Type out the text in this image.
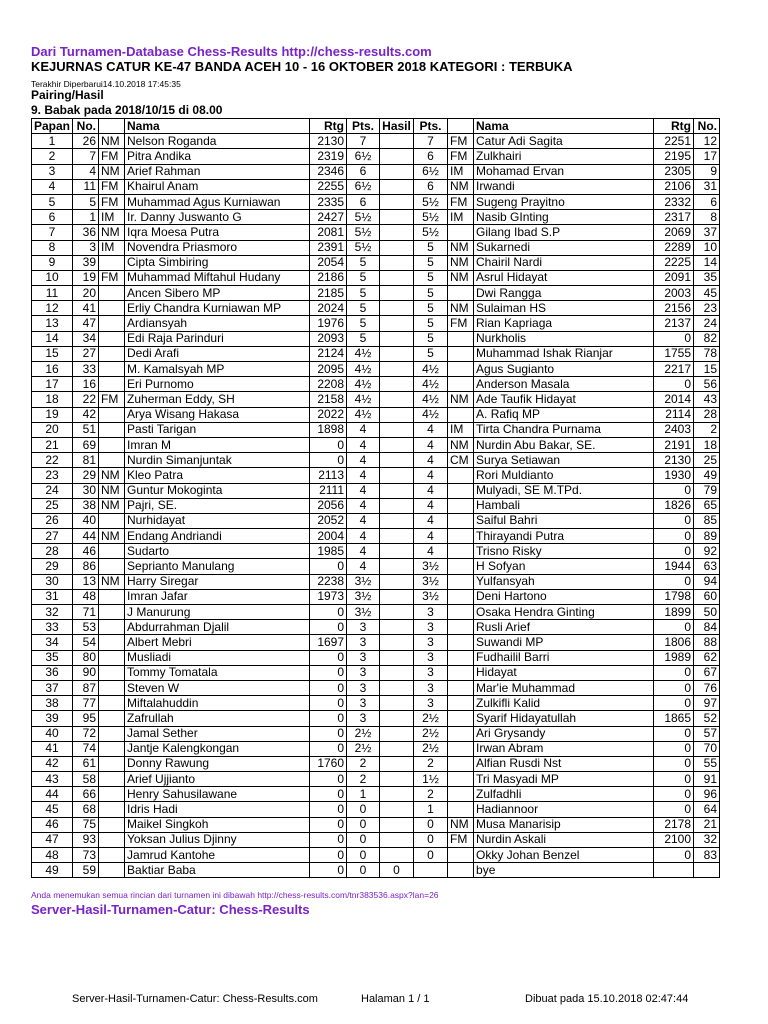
Dari Turnamen-Database Chess-Results http://chess-results.com
KEJURNAS CATUR KE-47 BANDA ACEH 10 - 16 OKTOBER 2018 KATEGORI : TERBUKA
Terakhir Diperbarui14.10.2018 17:45:35
Pairing/Hasil
9. Babak pada 2018/10/15 di 08.00
Papan	No.		Nama	Rtg	Pts.	Hasil	Pts.		Nama	Rtg	No.
1	26	NM	Nelson Roganda	2130	7		7	FM	Catur Adi Sagita	2251	12
2	7	FM	Pitra Andika	2319	6½		6	FM	Zulkhairi	2195	17
3	4	NM	Arief Rahman	2346	6		6½	IM	Mohamad Ervan	2305	9
4	11	FM	Khairul Anam	2255	6½		6	NM	Irwandi	2106	31
5	5	FM	Muhammad Agus Kurniawan	2335	6		5½	FM	Sugeng Prayitno	2332	6
6	1	IM	Ir. Danny Juswanto G	2427	5½		5½	IM	Nasib GInting	2317	8
7	36	NM	Iqra Moesa Putra	2081	5½		5½		Gilang Ibad S.P	2069	37
8	3	IM	Novendra Priasmoro	2391	5½		5	NM	Sukarnedi	2289	10
9	39		Cipta Simbiring	2054	5		5	NM	Chairil Nardi	2225	14
10	19	FM	Muhammad Miftahul Hudany	2186	5		5	NM	Asrul Hidayat	2091	35
11	20		Ancen Sibero MP	2185	5		5		Dwi Rangga	2003	45
12	41		Erliy Chandra Kurniawan MP	2024	5		5	NM	Sulaiman HS	2156	23
13	47		Ardiansyah	1976	5		5	FM	Rian Kapriaga	2137	24
14	34		Edi Raja Parinduri	2093	5		5		Nurkholis	0	82
15	27		Dedi Arafi	2124	4½		5		Muhammad Ishak Rianjar	1755	78
16	33		M. Kamalsyah MP	2095	4½		4½		Agus Sugianto	2217	15
17	16		Eri Purnomo	2208	4½		4½		Anderson Masala	0	56
18	22	FM	Zuherman Eddy, SH	2158	4½		4½	NM	Ade Taufik Hidayat	2014	43
19	42		Arya Wisang Hakasa	2022	4½		4½		A. Rafiq MP	2114	28
20	51		Pasti Tarigan	1898	4		4	IM	Tirta Chandra Purnama	2403	2
21	69		Imran M	0	4		4	NM	Nurdin Abu Bakar, SE.	2191	18
22	81		Nurdin Simanjuntak	0	4		4	CM	Surya Setiawan	2130	25
23	29	NM	Kleo Patra	2113	4		4		Rori Muldianto	1930	49
24	30	NM	Guntur Mokoginta	2111	4		4		Mulyadi, SE M.TPd.	0	79
25	38	NM	Pajri, SE.	2056	4		4		Hambali	1826	65
26	40		Nurhidayat	2052	4		4		Saiful Bahri	0	85
27	44	NM	Endang Andriandi	2004	4		4		Thirayandi Putra	0	89
28	46		Sudarto	1985	4		4		Trisno Risky	0	92
29	86		Seprianto Manulang	0	4		3½		H Sofyan	1944	63
30	13	NM	Harry Siregar	2238	3½		3½		Yulfansyah	0	94
31	48		Imran Jafar	1973	3½		3½		Deni Hartono	1798	60
32	71		J Manurung	0	3½		3		Osaka Hendra Ginting	1899	50
33	53		Abdurrahman Djalil	0	3		3		Rusli Arief	0	84
34	54		Albert Mebri	1697	3		3		Suwandi MP	1806	88
35	80		Musliadi	0	3		3		Fudhailil Barri	1989	62
36	90		Tommy Tomatala	0	3		3		Hidayat	0	67
37	87		Steven W	0	3		3		Mar'ie Muhammad	0	76
38	77		Miftalahuddin	0	3		3		Zulkifli Kalid	0	97
39	95		Zafrullah	0	3		2½		Syarif Hidayatullah	1865	52
40	72		Jamal Sether	0	2½		2½		Ari Grysandy	0	57
41	74		Jantje Kalengkongan	0	2½		2½		Irwan Abram	0	70
42	61		Donny Rawung	1760	2		2		Alfian Rusdi Nst	0	55
43	58		Arief Ujjianto	0	2		1½		Tri Masyadi MP	0	91
44	66		Henry Sahusilawane	0	1		2		Zulfadhli	0	96
45	68		Idris Hadi	0	0		1		Hadiannoor	0	64
46	75		Maikel Singkoh	0	0		0	NM	Musa Manarisip	2178	21
47	93		Yoksan Julius Djinny	0	0		0	FM	Nurdin Askali	2100	32
48	73		Jamrud Kantohe	0	0		0		Okky Johan Benzel	0	83
49	59		Baktiar Baba	0	0	0			bye		
Anda menemukan semua rincian dari turnamen ini dibawah http://chess-results.com/tnr383536.aspx?lan=26
Server-Hasil-Turnamen-Catur: Chess-Results
Server-Hasil-Turnamen-Catur: Chess-Results.com	Halaman 1 / 1	Dibuat pada 15.10.2018 02:47:44
